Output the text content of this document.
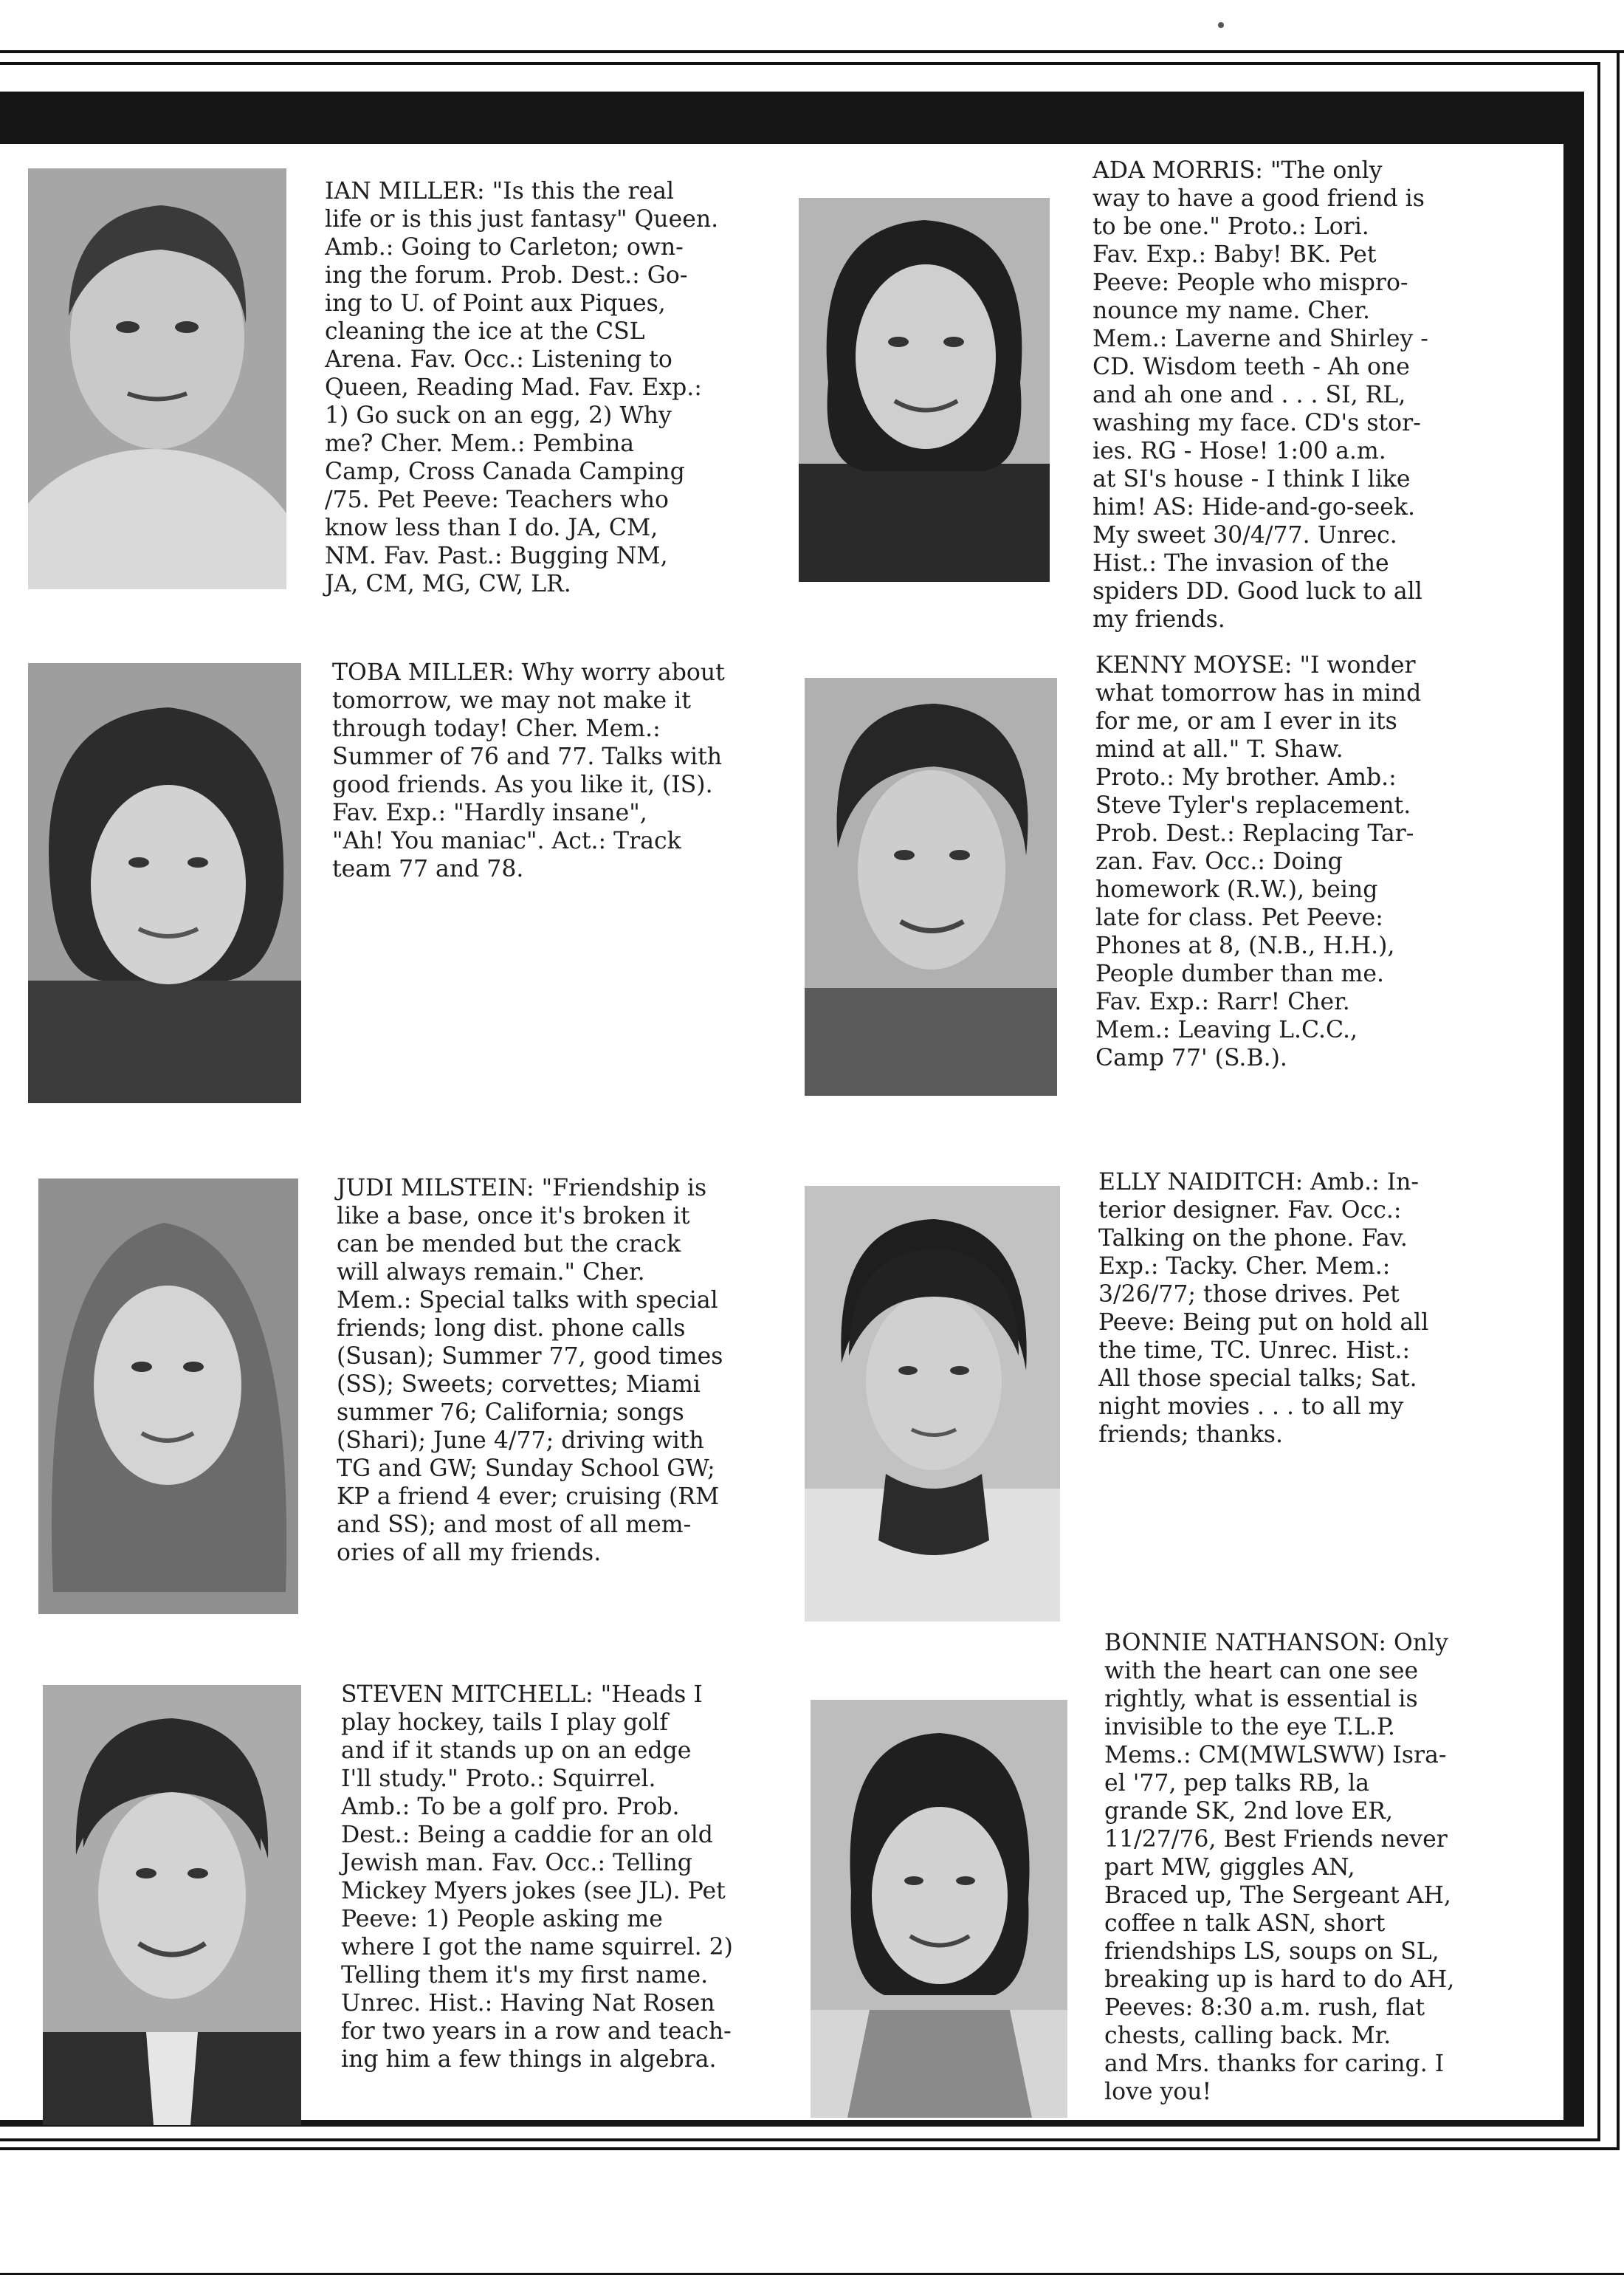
IAN MILLER: "Is this the real
life or is this just fantasy" Queen.
Amb.: Going to Carleton; own-
ing the forum. Prob. Dest.: Go-
ing to U. of Point aux Piques,
cleaning the ice at the CSL
Arena. Fav. Occ.: Listening to
Queen, Reading Mad. Fav. Exp.:
1) Go suck on an egg, 2) Why
me? Cher. Mem.: Pembina
Camp, Cross Canada Camping
/75. Pet Peeve: Teachers who
know less than I do. JA, CM,
NM. Fav. Past.: Bugging NM,
JA, CM, MG, CW, LR.

ADA MORRIS: "The only
way to have a good friend is
to be one." Proto.: Lori.
Fav. Exp.: Baby! BK. Pet
Peeve: People who mispro-
nounce my name. Cher.
Mem.: Laverne and Shirley -
CD. Wisdom teeth - Ah one
and ah one and . . . SI, RL,
washing my face. CD's stor-
ies. RG - Hose! 1:00 a.m.
at SI's house - I think I like
him! AS: Hide-and-go-seek.
My sweet 30/4/77. Unrec.
Hist.: The invasion of the
spiders DD. Good luck to all
my friends.

TOBA MILLER: Why worry about
tomorrow, we may not make it
through today! Cher. Mem.:
Summer of 76 and 77. Talks with
good friends. As you like it, (IS).
Fav. Exp.: "Hardly insane",
"Ah! You maniac". Act.: Track
team 77 and 78.

KENNY MOYSE: "I wonder
what tomorrow has in mind
for me, or am I ever in its
mind at all." T. Shaw.
Proto.: My brother. Amb.:
Steve Tyler's replacement.
Prob. Dest.: Replacing Tar-
zan. Fav. Occ.: Doing
homework (R.W.), being
late for class. Pet Peeve:
Phones at 8, (N.B., H.H.),
People dumber than me.
Fav. Exp.: Rarr! Cher.
Mem.: Leaving L.C.C.,
Camp 77' (S.B.).

JUDI MILSTEIN: "Friendship is
like a base, once it's broken it
can be mended but the crack
will always remain." Cher.
Mem.: Special talks with special
friends; long dist. phone calls
(Susan); Summer 77, good times
(SS); Sweets; corvettes; Miami
summer 76; California; songs
(Shari); June 4/77; driving with
TG and GW; Sunday School GW;
KP a friend 4 ever; cruising (RM
and SS); and most of all mem-
ories of all my friends.

ELLY NAIDITCH: Amb.: In-
terior designer. Fav. Occ.:
Talking on the phone. Fav.
Exp.: Tacky. Cher. Mem.:
3/26/77; those drives. Pet
Peeve: Being put on hold all
the time, TC. Unrec. Hist.:
All those special talks; Sat.
night movies . . . to all my
friends; thanks.

STEVEN MITCHELL: "Heads I
play hockey, tails I play golf
and if it stands up on an edge
I'll study." Proto.: Squirrel.
Amb.: To be a golf pro. Prob.
Dest.: Being a caddie for an old
Jewish man. Fav. Occ.: Telling
Mickey Myers jokes (see JL). Pet
Peeve: 1) People asking me
where I got the name squirrel. 2)
Telling them it's my first name.
Unrec. Hist.: Having Nat Rosen
for two years in a row and teach-
ing him a few things in algebra.

BONNIE NATHANSON: Only
with the heart can one see
rightly, what is essential is
invisible to the eye T.L.P.
Mems.: CM(MWLSWW) Isra-
el '77, pep talks RB, la
grande SK, 2nd love ER,
11/27/76, Best Friends never
part MW, giggles AN,
Braced up, The Sergeant AH,
coffee n talk ASN, short
friendships LS, soups on SL,
breaking up is hard to do AH,
Peeves: 8:30 a.m. rush, flat
chests, calling back. Mr.
and Mrs. thanks for caring. I
love you!
